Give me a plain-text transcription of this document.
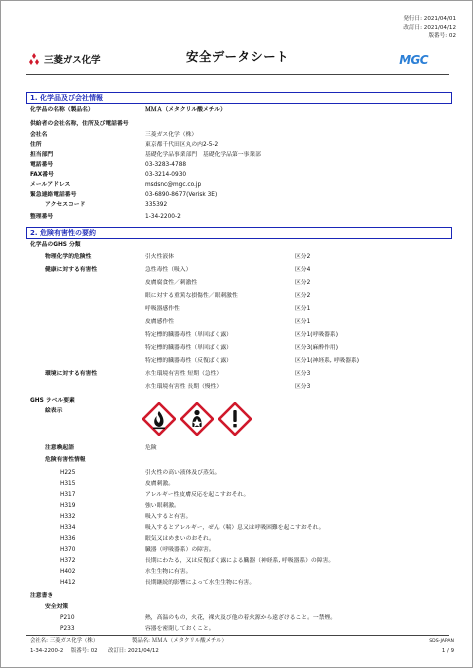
発行日: 2021/04/01
改訂日: 2021/04/12
版番号: 02
三菱ガス化学	安全データシート	MGC
1. 化学品及び会社情報
化学品の名称（製品名）	ＭＭＡ（メタクリル酸メチル）
供給者の会社名称，住所及び電話番号
会社名	三菱ガス化学（株）
住所	東京都千代田区丸の内2-5-2
担当部門	基礎化学品事業部門　基礎化学品第一事業部
電話番号	03-3283-4788
FAX番号	03-3214-0930
メールアドレス	msdsnc@mgc.co.jp
緊急連絡電話番号	03-6890-8677(Verisk 3E)
アクセスコード	335392
整理番号	1-34-2200-2
2. 危険有害性の要約
化学品のGHS 分類
物理化学的危険性	引火性液体	区分2
健康に対する有害性	急性毒性（吸入）	区分4
皮膚腐食性／刺激性	区分2
眼に対する重篤な損傷性／眼刺激性	区分2
呼吸器感作性	区分1
皮膚感作性	区分1
特定標的臓器毒性（単回ばく露）	区分1(呼吸器系)
特定標的臓器毒性（単回ばく露）	区分3(麻酔作用)
特定標的臓器毒性（反復ばく露）	区分1(神経系, 呼吸器系)
環境に対する有害性	水生環境有害性 短期（急性）	区分3
水生環境有害性 長期（慢性）	区分3
GHS ラベル要素
絵表示
注意喚起語	危険
危険有害性情報
H225	引火性の高い液体及び蒸気。
H315	皮膚刺激。
H317	アレルギー性皮膚反応を起こすおそれ。
H319	強い眼刺激。
H332	吸入すると有害。
H334	吸入するとアレルギー，ぜん（喘）息又は呼吸困難を起こすおそれ。
H336	眠気又はめまいのおそれ。
H370	臓器（呼吸器系）の障害。
H372	長期にわたる，又は反復ばく露による臓器（神経系, 呼吸器系）の障害。
H402	水生生物に有害。
H412	長期継続的影響によって水生生物に有害。
注意書き
安全対策
P210	熱，高温のもの，火花，裸火及び他の着火源から遠ざけること。一禁煙。
P233	容器を密閉しておくこと。
会社名: 三菱ガス化学（株）	製品名: ＭＭＡ（メタクリル酸メチル）	SDS-JAPAN
1-34-2200-2 版番号: 02 改訂日: 2021/04/12	1 / 9
